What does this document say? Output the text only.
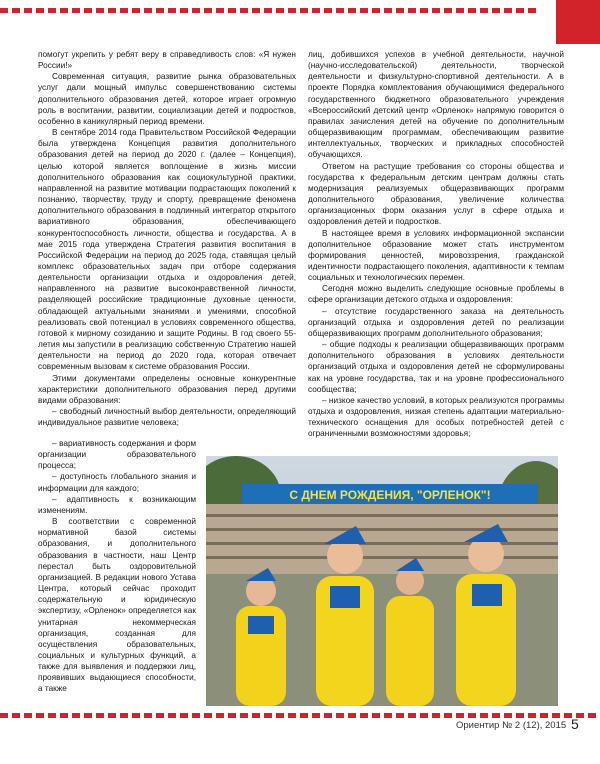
помогут укрепить у ребят веру в справедливость слов: «Я нужен России!»

Современная ситуация, развитие рынка образовательных услуг дали мощный импульс совершенствованию системы дополнительного образования детей, которое играет огромную роль в воспитании, развитии, социализации детей и подростков, особенно в каникулярный период времени.

В сентябре 2014 года Правительством Российской Федерации была утверждена Концепция развития дополнительного образования детей на период до 2020 г. (далее – Концепция), целью которой является воплощение в жизнь миссии дополнительного образования как социокультурной практики, направленной на развитие мотивации подрастающих поколений к познанию, творчеству, труду и спорту, превращение феномена дополнительного образования в подлинный интегратор открытого вариативного образования, обеспечивающего конкурентоспособность личности, общества и государства. А в мае 2015 года утверждена Стратегия развития воспитания в Российской Федерации на период до 2025 года, ставящая целый комплекс образовательных задач при отборе содержания деятельности организации отдыха и оздоровления детей, направленного на развитие высоконравственной личности, разделяющей российские традиционные духовные ценности, обладающей актуальными знаниями и умениями, способной реализовать свой потенциал в условиях современного общества, готовой к мирному созиданию и защите Родины. В год своего 55-летия мы запустили в реализацию собственную Стратегию нашей деятельности на период до 2020 года, которая отвечает современным вызовам к системе образования России.

Этими документами определены основные конкурентные характеристики дополнительного образования перед другими видами образования:

– свободный личностный выбор деятельности, определяющий индивидуальное развитие человека;

– вариативность содержания и форм организации образовательного процесса;

– доступность глобального знания и информации для каждого;

– адаптивность к возникающим изменениям.

В соответствии с современной нормативной базой системы образования, и дополнительного образования в частности, наш Центр перестал быть оздоровительной организацией. В редакции нового Устава Центра, который сейчас проходит содержательную и юридическую экспертизу, «Орленок» определяется как унитарная некоммерческая организация, созданная для осуществления образовательных, социальных и культурных функций, а также для выявления и поддержки лиц, проявивших выдающиеся способности, а также

лиц, добившихся успехов в учебной деятельности, научной (научно-исследовательской) деятельности, творческой деятельности и физкультурно-спортивной деятельности. А в проекте Порядка комплектования обучающимися федерального государственного бюджетного образовательного учреждения «Всероссийский детский центр «Орленок» напрямую говорится о правилах зачисления детей на обучение по дополнительным общеразвивающим программам, обеспечивающим развитие интеллектуальных, творческих и прикладных способностей обучающихся.

Ответом на растущие требования со стороны общества и государства к федеральным детским центрам должны стать модернизация реализуемых общеразвивающих программ дополнительного образования, увеличение количества организационных форм оказания услуг в сфере отдыха и оздоровления детей и подростков.

В настоящее время в условиях информационной экспансии дополнительное образование может стать инструментом формирования ценностей, мировоззрения, гражданской идентичности подрастающего поколения, адаптивности к темпам социальных и технологических перемен.

Сегодня можно выделить следующие основные проблемы в сфере организации детского отдыха и оздоровления:

– отсутствие государственного заказа на деятельность организаций отдыха и оздоровления детей по реализации общеразвивающих программ дополнительного образования;

– общие подходы к реализации общеразвивающих программ дополнительного образования в условиях деятельности организаций отдыха и оздоровления детей не сформулированы как на уровне государства, так и на уровне профессионального сообщества;

– низкое качество условий, в которых реализуются программы отдыха и оздоровления, низкая степень адаптации материально-технического оснащения для особых потребностей детей с ограниченными возможностями здоровья;

С ДНЕМ РОЖДЕНИЯ, "ОРЛЕНОК"!
Ориентир № 2 (12), 2015 5
